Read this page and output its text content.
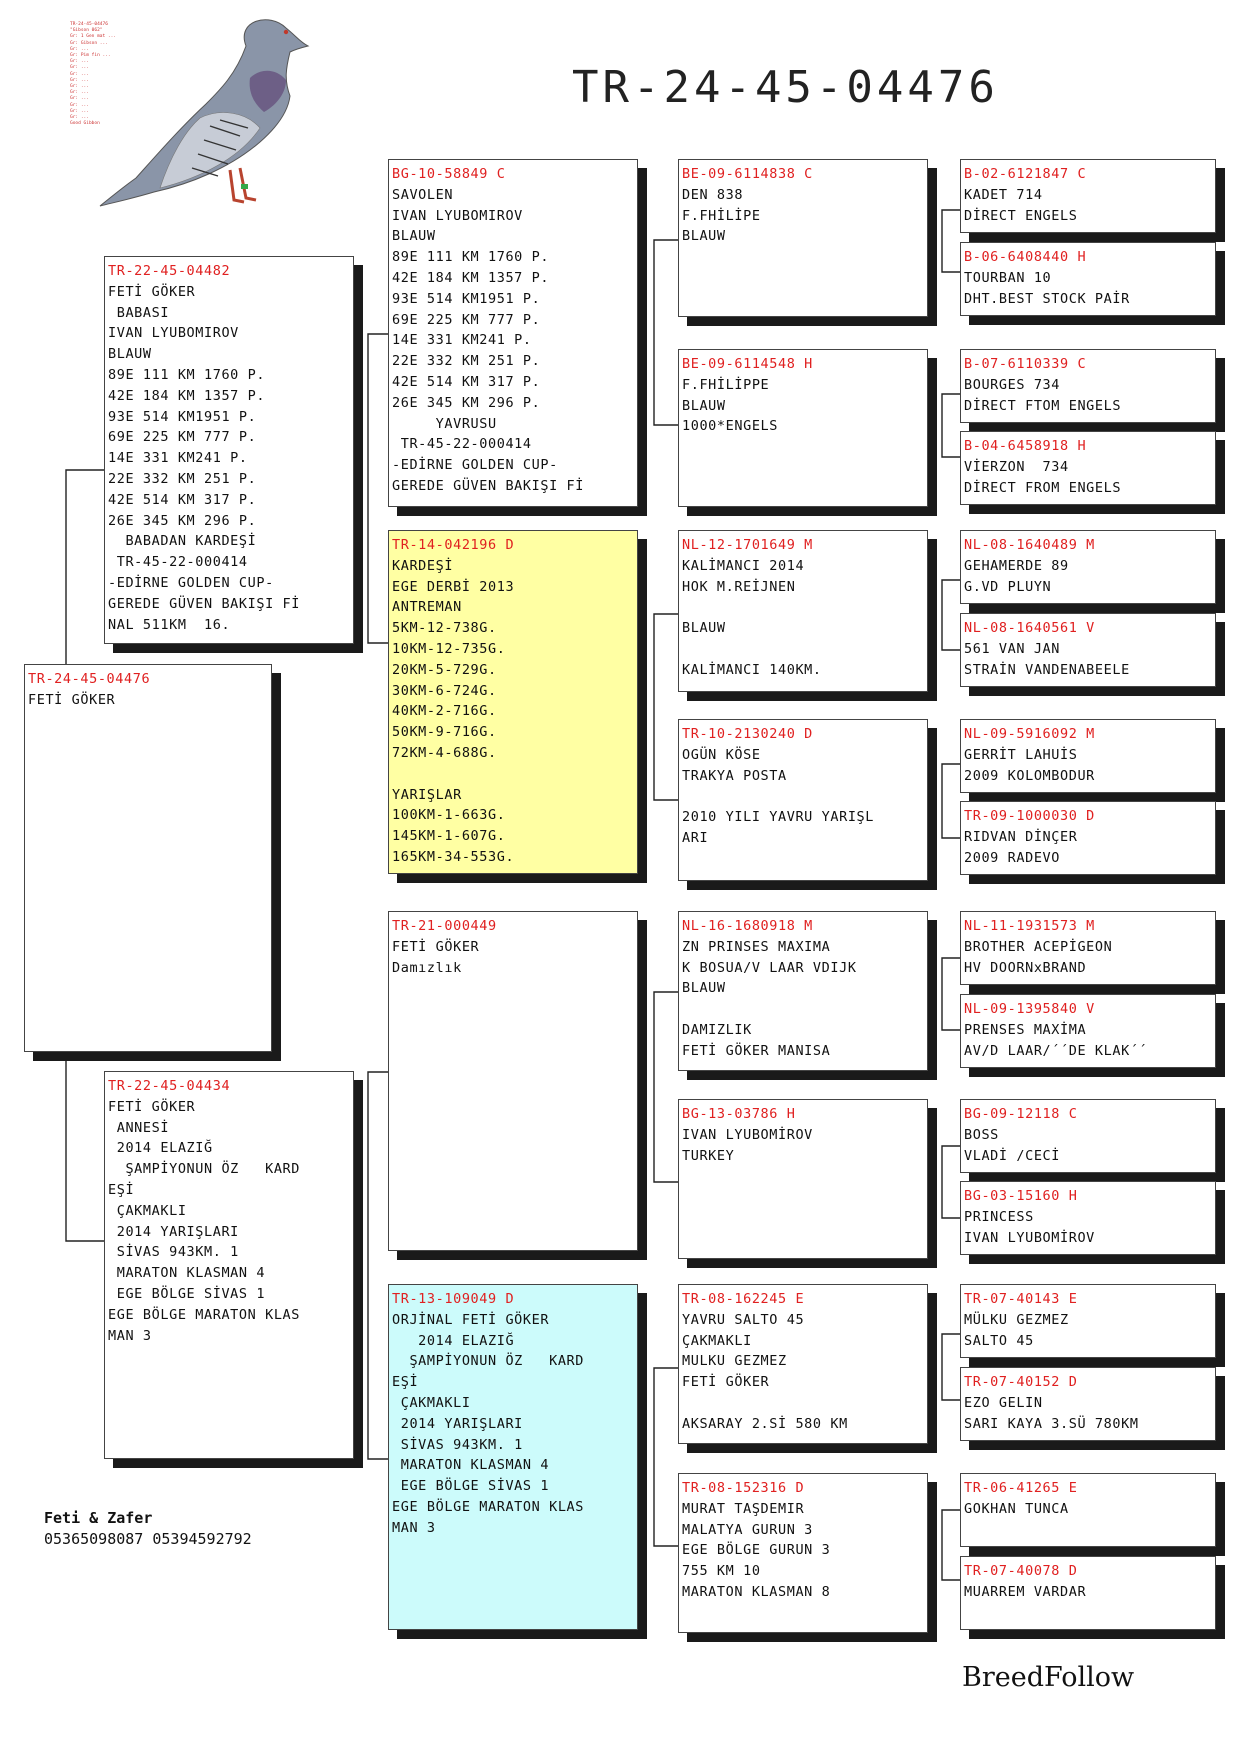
TR-24-45-04476
"Gibson 062"
Gr: 1 Gen mat ...
Gr: Gibson ...
Gr: ...
Gr: Pim fin ...
Gr: ...
Gr: ...
Gr: ...
Gr: ...
Gr: ...
Gr: ...
Gr: ...
Gr: ...
Gr: ...
Gr: ...
Good Gibbon
TR-24-45-04476
TR-24-45-04476
FETİ GÖKER
TR-22-45-04482
FETİ GÖKER
BABASI
IVAN LYUBOMIROV
BLAUW
89E 111 KM 1760 P.
42E 184 KM 1357 P.
93E 514 KM1951 P.
69E 225 KM 777 P.
14E 331 KM241 P.
22E 332 KM 251 P.
42E 514 KM 317 P.
26E 345 KM 296 P.
BABADAN KARDEŞİ
TR-45-22-000414
-EDİRNE GOLDEN CUP-
GEREDE GÜVEN BAKIŞI Fİ
NAL 511KM  16.
TR-22-45-04434
FETİ GÖKER
ANNESİ
2014 ELAZIĞ
ŞAMPİYONUN ÖZ   KARD
EŞİ
ÇAKMAKLI
2014 YARIŞLARI
SİVAS 943KM. 1
MARATON KLASMAN 4
EGE BÖLGE SİVAS 1
EGE BÖLGE MARATON KLAS
MAN 3
BG-10-58849 C
SAVOLEN
IVAN LYUBOMIROV
BLAUW
89E 111 KM 1760 P.
42E 184 KM 1357 P.
93E 514 KM1951 P.
69E 225 KM 777 P.
14E 331 KM241 P.
22E 332 KM 251 P.
42E 514 KM 317 P.
26E 345 KM 296 P.
YAVRUSU
TR-45-22-000414
-EDİRNE GOLDEN CUP-
GEREDE GÜVEN BAKIŞI Fİ
TR-14-042196 D
KARDEŞİ
EGE DERBİ 2013
ANTREMAN
5KM-12-738G.
10KM-12-735G.
20KM-5-729G.
30KM-6-724G.
40KM-2-716G.
50KM-9-716G.
72KM-4-688G.

YARIŞLAR
100KM-1-663G.
145KM-1-607G.
165KM-34-553G.
TR-21-000449
FETİ GÖKER
Damızlık
TR-13-109049 D
ORJİNAL FETİ GÖKER
2014 ELAZIĞ
ŞAMPİYONUN ÖZ   KARD
EŞİ
ÇAKMAKLI
2014 YARIŞLARI
SİVAS 943KM. 1
MARATON KLASMAN 4
EGE BÖLGE SİVAS 1
EGE BÖLGE MARATON KLAS
MAN 3
BE-09-6114838 C
DEN 838
F.FHİLİPE
BLAUW
BE-09-6114548 H
F.FHİLİPPE
BLAUW
1000*ENGELS
NL-12-1701649 M
KALİMANCI 2014
HOK M.REİJNEN

BLAUW

KALİMANCI 140KM.
TR-10-2130240 D
OGÜN KÖSE
TRAKYA POSTA

2010 YILI YAVRU YARIŞL
ARI
NL-16-1680918 M
ZN PRINSES MAXIMA
K BOSUA/V LAAR VDIJK
BLAUW

DAMIZLIK
FETİ GÖKER MANISA
BG-13-03786 H
IVAN LYUBOMİROV
TURKEY
TR-08-162245 E
YAVRU SALTO 45
ÇAKMAKLI
MULKU GEZMEZ
FETİ GÖKER

AKSARAY 2.Sİ 580 KM
TR-08-152316 D
MURAT TAŞDEMIR
MALATYA GURUN 3
EGE BÖLGE GURUN 3
755 KM 10
MARATON KLASMAN 8
B-02-6121847 C
KADET 714
DİRECT ENGELS
B-06-6408440 H
TOURBAN 10
DHT.BEST STOCK PAİR
B-07-6110339 C
BOURGES 734
DİRECT FTOM ENGELS
B-04-6458918 H
VİERZON  734
DİRECT FROM ENGELS
NL-08-1640489 M
GEHAMERDE 89
G.VD PLUYN
NL-08-1640561 V
561 VAN JAN
STRAİN VANDENABEELE
NL-09-5916092 M
GERRİT LAHUİS
2009 KOLOMBODUR
TR-09-1000030 D
RIDVAN DİNÇER
2009 RADEVO
NL-11-1931573 M
BROTHER ACEPİGEON
HV DOORNxBRAND
NL-09-1395840 V
PRENSES MAXİMA
AV/D LAAR/´´DE KLAK´´
BG-09-12118 C
BOSS
VLADİ /CECİ
BG-03-15160 H
PRINCESS
IVAN LYUBOMİROV
TR-07-40143 E
MÜLKU GEZMEZ
SALTO 45
TR-07-40152 D
EZO GELIN
SARI KAYA 3.SÜ 780KM
TR-06-41265 E
GOKHAN TUNCA
TR-07-40078 D
MUARREM VARDAR
Feti & Zafer
05365098087 05394592792
BreedFollow
